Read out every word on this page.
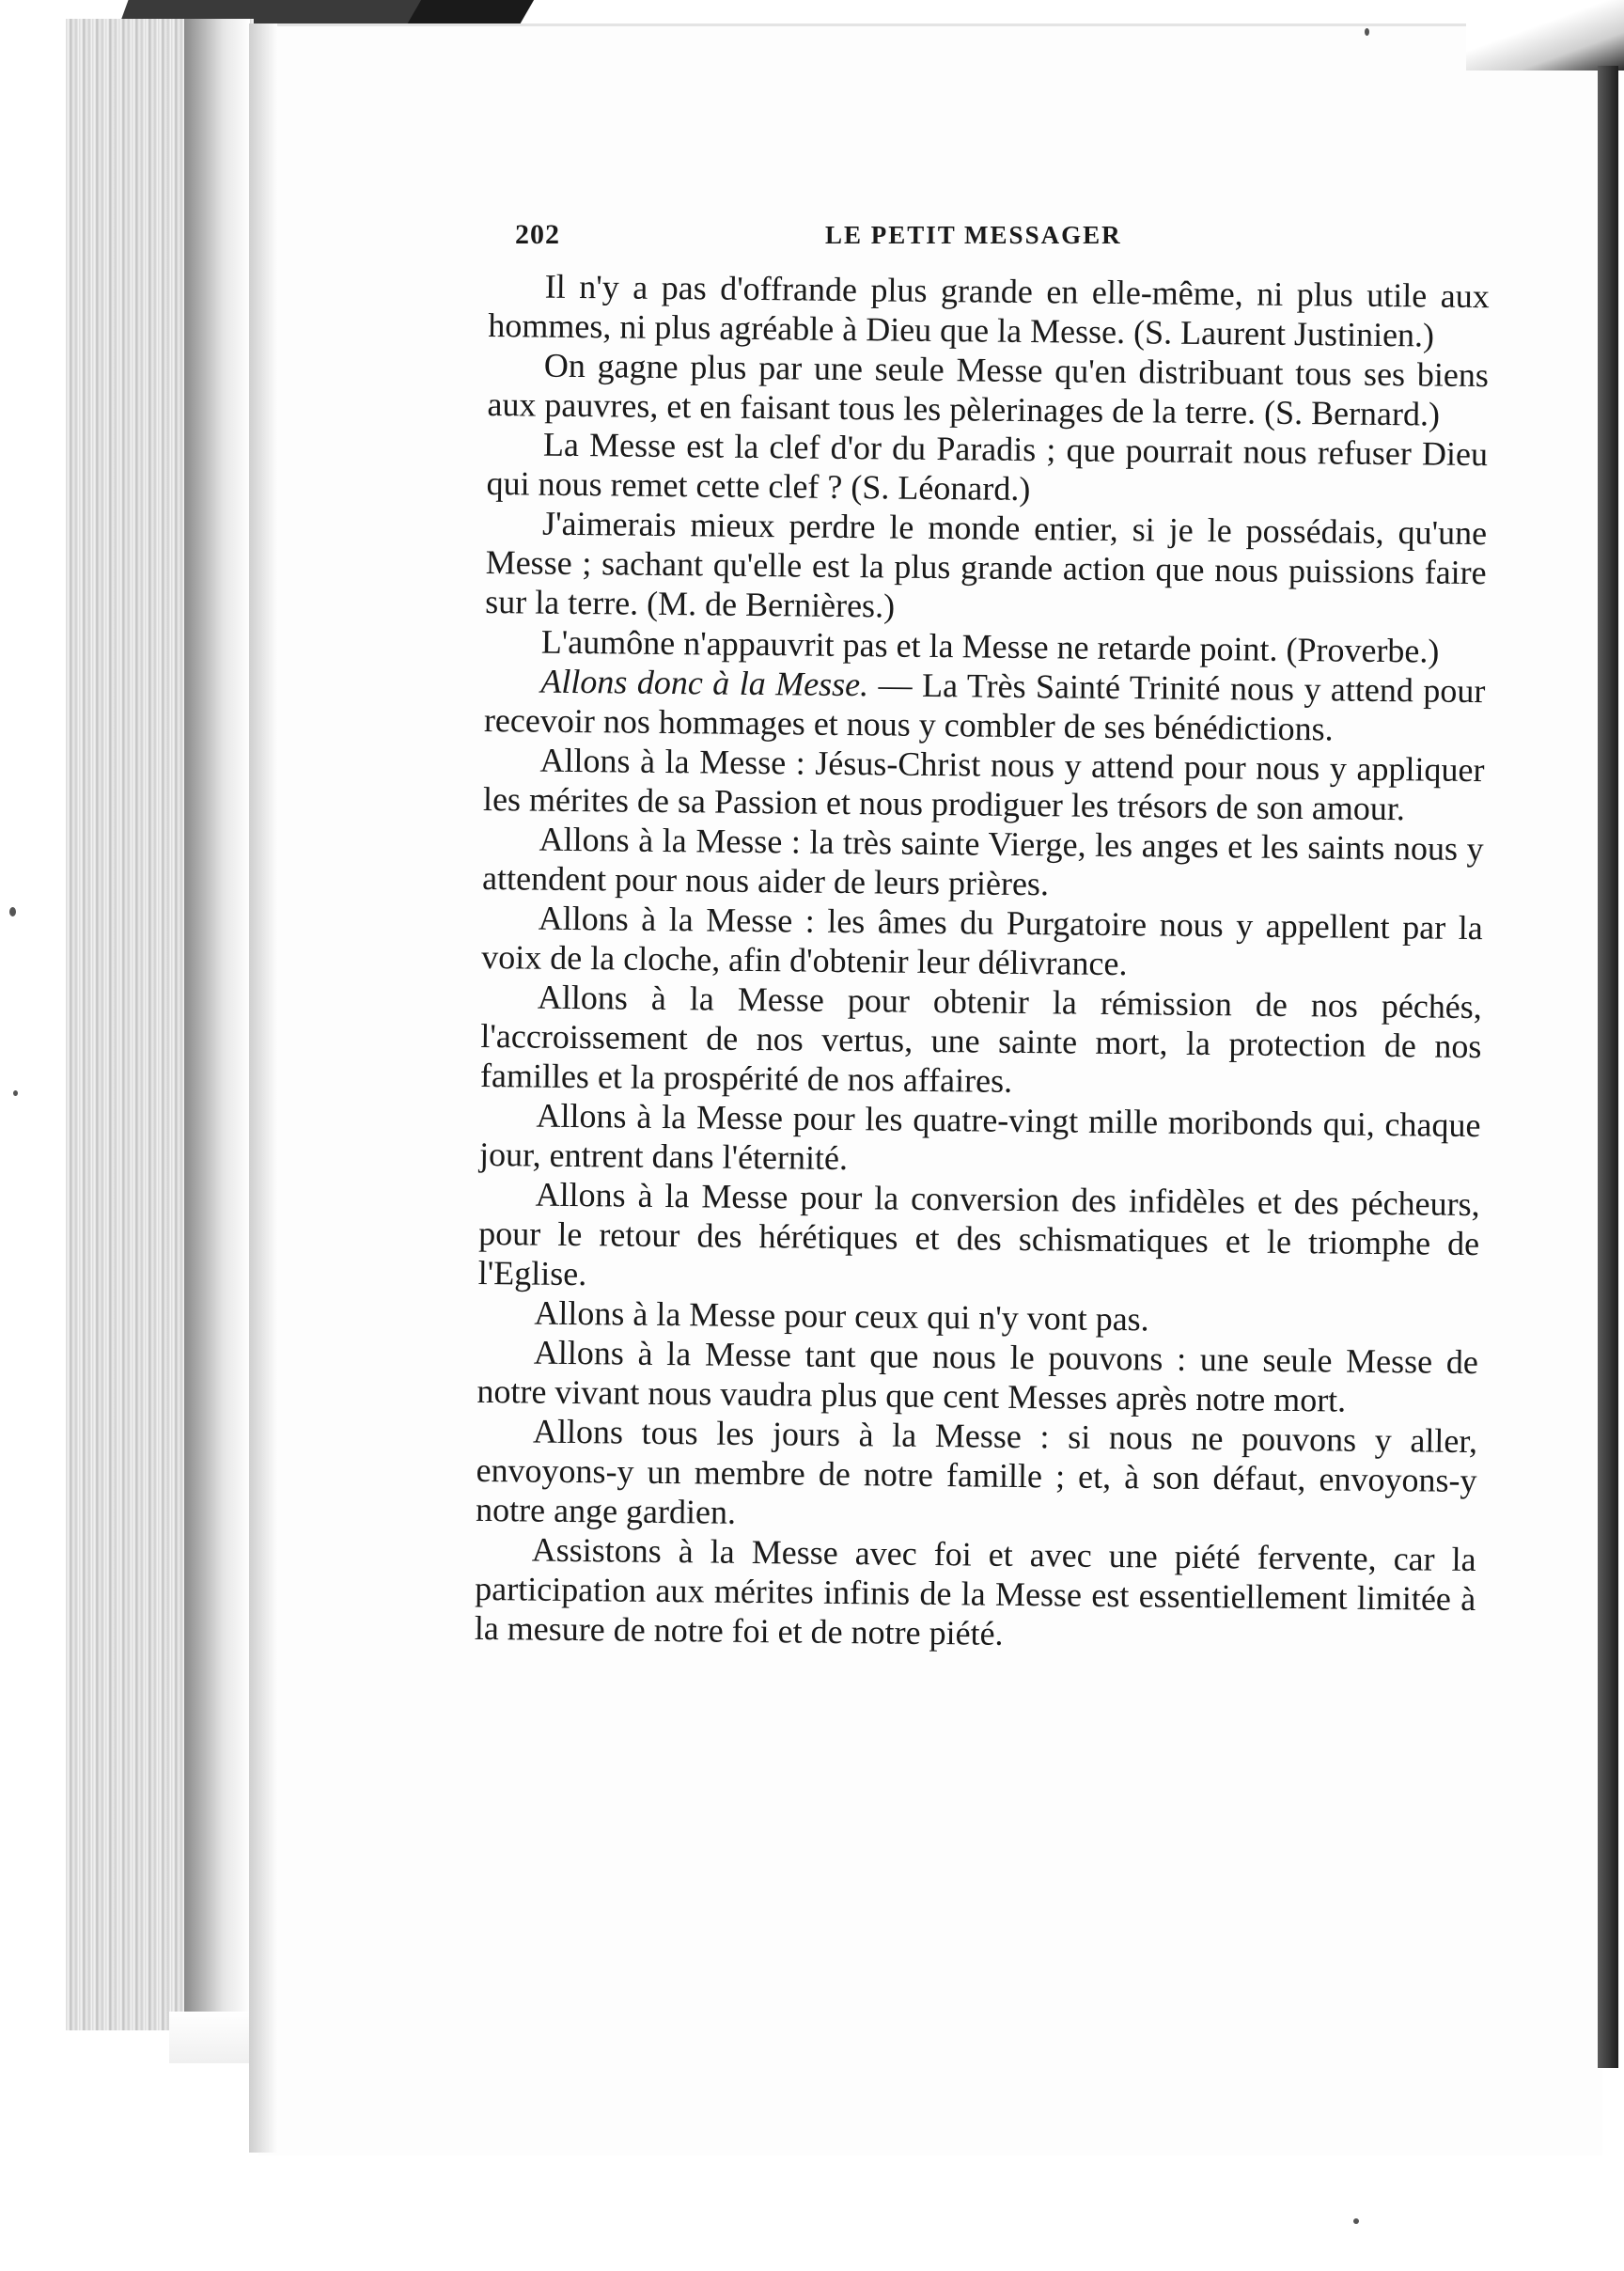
202	LE PETIT MESSAGER

Il n'y a pas d'offrande plus grande en elle-même, ni plus utile aux hommes, ni plus agréable à Dieu que la Messe. (S. Laurent Justinien.)

On gagne plus par une seule Messe qu'en distribuant tous ses biens aux pauvres, et en faisant tous les pèlerinages de la terre. (S. Bernard.)

La Messe est la clef d'or du Paradis ; que pourrait nous refuser Dieu qui nous remet cette clef ? (S. Léonard.)

J'aimerais mieux perdre le monde entier, si je le possédais, qu'une Messe ; sachant qu'elle est la plus grande action que nous puissions faire sur la terre. (M. de Bernières.)

L'aumône n'appauvrit pas et la Messe ne retarde point. (Proverbe.)

Allons donc à la Messe. — La Très Sainté Trinité nous y attend pour recevoir nos hommages et nous y combler de ses bénédictions.

Allons à la Messe : Jésus-Christ nous y attend pour nous y appliquer les mérites de sa Passion et nous prodiguer les trésors de son amour.

Allons à la Messe : la très sainte Vierge, les anges et les saints nous y attendent pour nous aider de leurs prières.

Allons à la Messe : les âmes du Purgatoire nous y appellent par la voix de la cloche, afin d'obtenir leur délivrance.

Allons à la Messe pour obtenir la rémission de nos péchés, l'accroissement de nos vertus, une sainte mort, la protection de nos familles et la prospérité de nos affaires.

Allons à la Messe pour les quatre-vingt mille moribonds qui, chaque jour, entrent dans l'éternité.

Allons à la Messe pour la conversion des infidèles et des pécheurs, pour le retour des hérétiques et des schismatiques et le triomphe de l'Eglise.

Allons à la Messe pour ceux qui n'y vont pas.

Allons à la Messe tant que nous le pouvons : une seule Messe de notre vivant nous vaudra plus que cent Messes après notre mort.

Allons tous les jours à la Messe : si nous ne pouvons y aller, envoyons-y un membre de notre famille ; et, à son défaut, envoyons-y notre ange gardien.

Assistons à la Messe avec foi et avec une piété fervente, car la participation aux mérites infinis de la Messe est essentiellement limitée à la mesure de notre foi et de notre piété.
